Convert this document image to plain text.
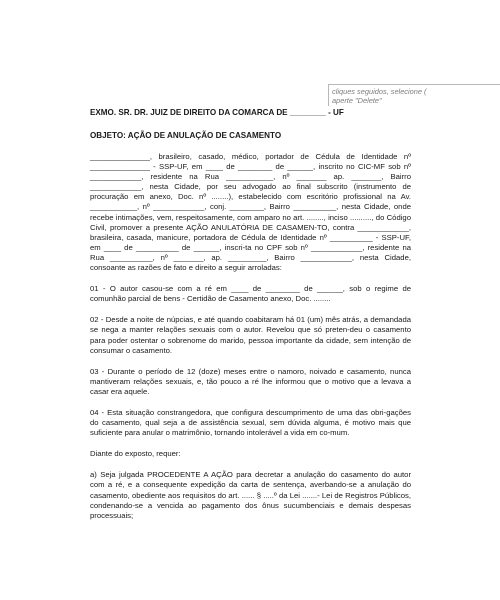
cliques seguidos, selecione (
aperte "Delete"

EXMO. SR. DR. JUIZ DE DIREITO DA COMARCA DE ________ - UF

OBJETO: AÇÃO DE ANULAÇÃO DE CASAMENTO

______________, brasileiro, casado, médico, portador de Cédula de Identidade nº ______________ - SSP-UF, em ____ de ________ de ______, inscrito no CIC-MF sob nº ____________, residente na Rua ___________, nº _______ ap. _______, Bairro ____________, nesta Cidade, por seu advogado ao final subscrito (instrumento de procuração em anexo, Doc. nº ........), estabelecido com escritório profissional na Av. ___________, nº ____________, conj. ________, Bairro __________, nesta Cidade, onde recebe intimações, vem, respeitosamente, com amparo no art. ........, inciso .........., do Código Civil, promover a presente AÇÃO ANULATÓRIA DE CASAMEN-TO, contra ____________, brasileira, casada, manicure, portadora de Cédula de Identidade nº __________ - SSP-UF, em ____ de __________ de ______, inscri-ta no CPF sob nº ____________, residente na Rua __________, nº _______, ap. _________, Bairro ____________, nesta Cidade, consoante as razões de fato e direito a seguir arroladas:

01 - O autor casou-se com a ré em ____ de ________ de ______, sob o regime de comunhão parcial de bens - Certidão de Casamento anexo, Doc. ........

02 - Desde a noite de núpcias, e até quando coabitaram há 01 (um) mês atrás, a demandada se nega a manter relações sexuais com o autor. Revelou que só preten-deu o casamento para poder ostentar o sobrenome do marido, pessoa importante da cidade, sem intenção de consumar o casamento.

03 - Durante o período de 12 (doze) meses entre o namoro, noivado e casamento, nunca mantiveram relações sexuais, e, tão pouco a ré lhe informou que o motivo que a levava a casar era aquele.

04 - Esta situação constrangedora, que configura descumprimento de uma das obri-gações do casamento, qual seja a de assistência sexual, sem dúvida alguma, é motivo mais que suficiente para anular o matrimônio, tornando intolerável a vida em co-mum.

Diante do exposto, requer:

a) Seja julgada PROCEDENTE A AÇÃO para decretar a anulação do casamento do autor com a ré, e a consequente expedição da carta de sentença, averbando-se a anulação do casamento, obediente aos requisitos do art. ...... § .....º da Lei .......- Lei de Registros Públicos, condenando-se a vencida ao pagamento dos ônus sucumbenciais e demais despesas processuais;
